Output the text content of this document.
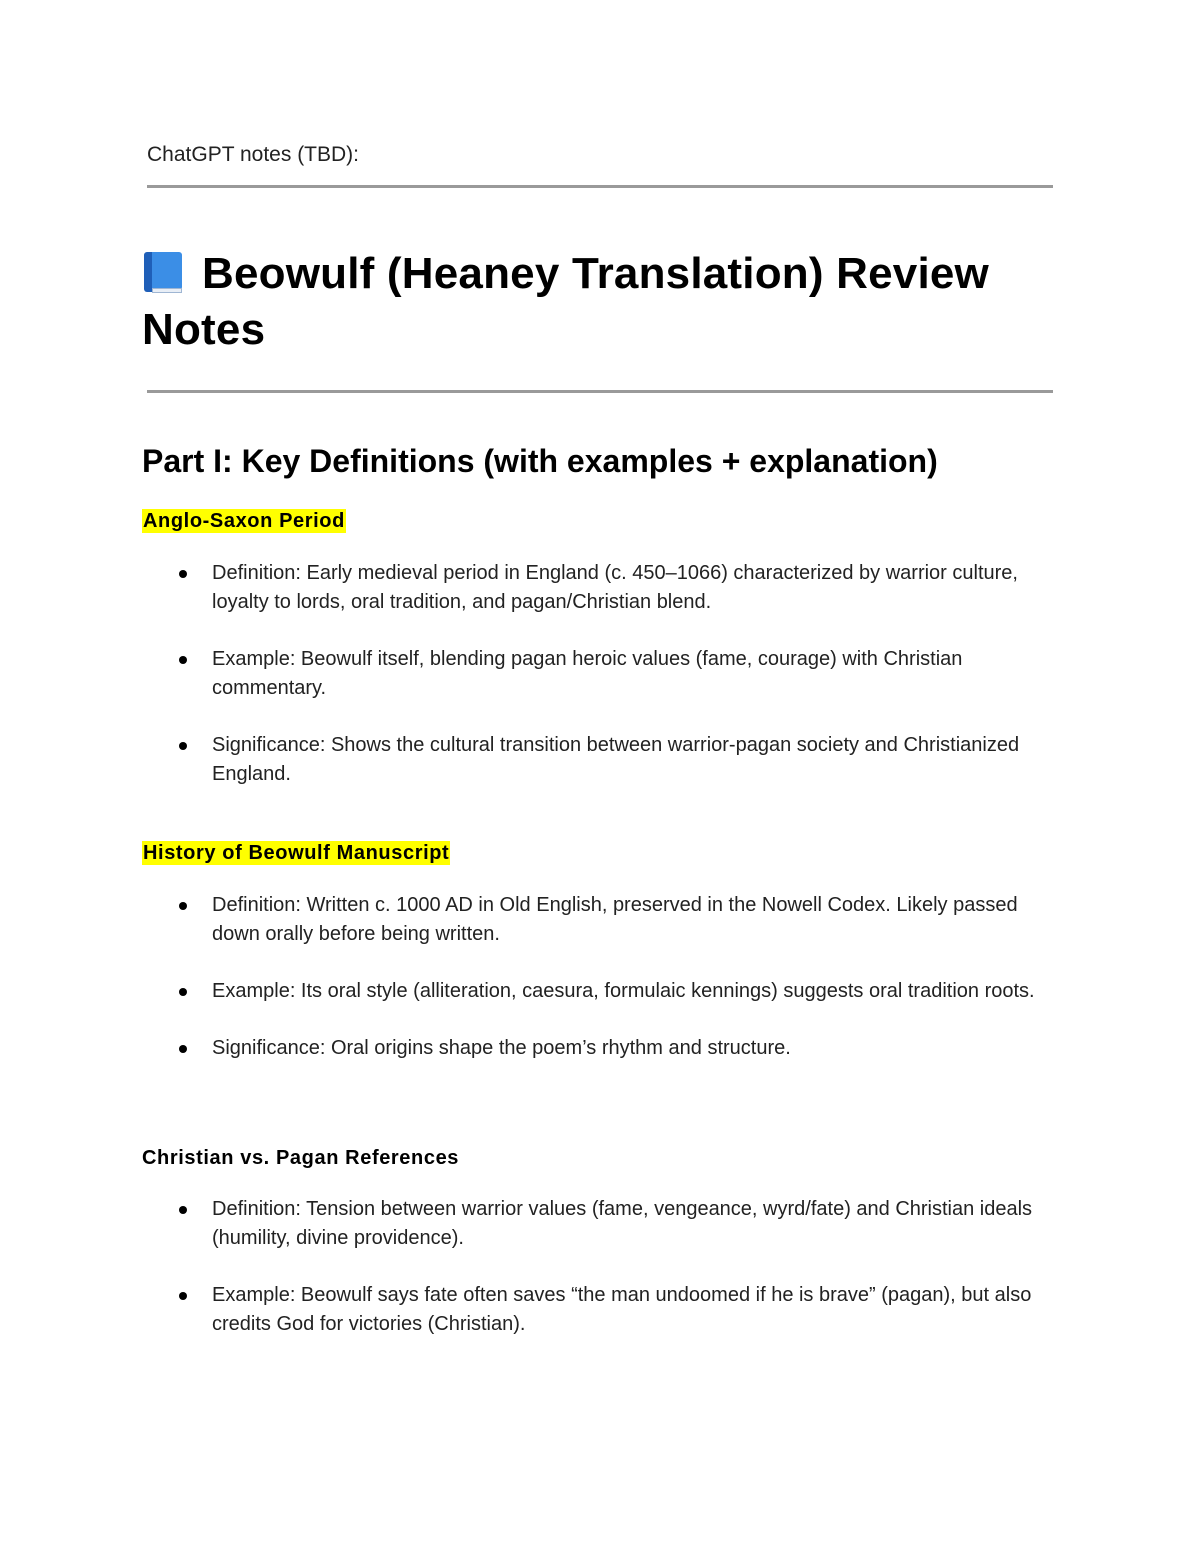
ChatGPT notes (TBD):
Beowulf (Heaney Translation) Review Notes
Part I: Key Definitions (with examples + explanation)

Anglo-Saxon Period

Definition: Early medieval period in England (c. 450–1066) characterized by warrior culture, loyalty to lords, oral tradition, and pagan/Christian blend.
Example: Beowulf itself, blending pagan heroic values (fame, courage) with Christian commentary.
Significance: Shows the cultural transition between warrior-pagan society and Christianized England.

History of Beowulf Manuscript

Definition: Written c. 1000 AD in Old English, preserved in the Nowell Codex. Likely passed down orally before being written.
Example: Its oral style (alliteration, caesura, formulaic kennings) suggests oral tradition roots.
Significance: Oral origins shape the poem’s rhythm and structure.

Christian vs. Pagan References

Definition: Tension between warrior values (fame, vengeance, wyrd/fate) and Christian ideals (humility, divine providence).
Example: Beowulf says fate often saves “the man undoomed if he is brave” (pagan), but also credits God for victories (Christian).
